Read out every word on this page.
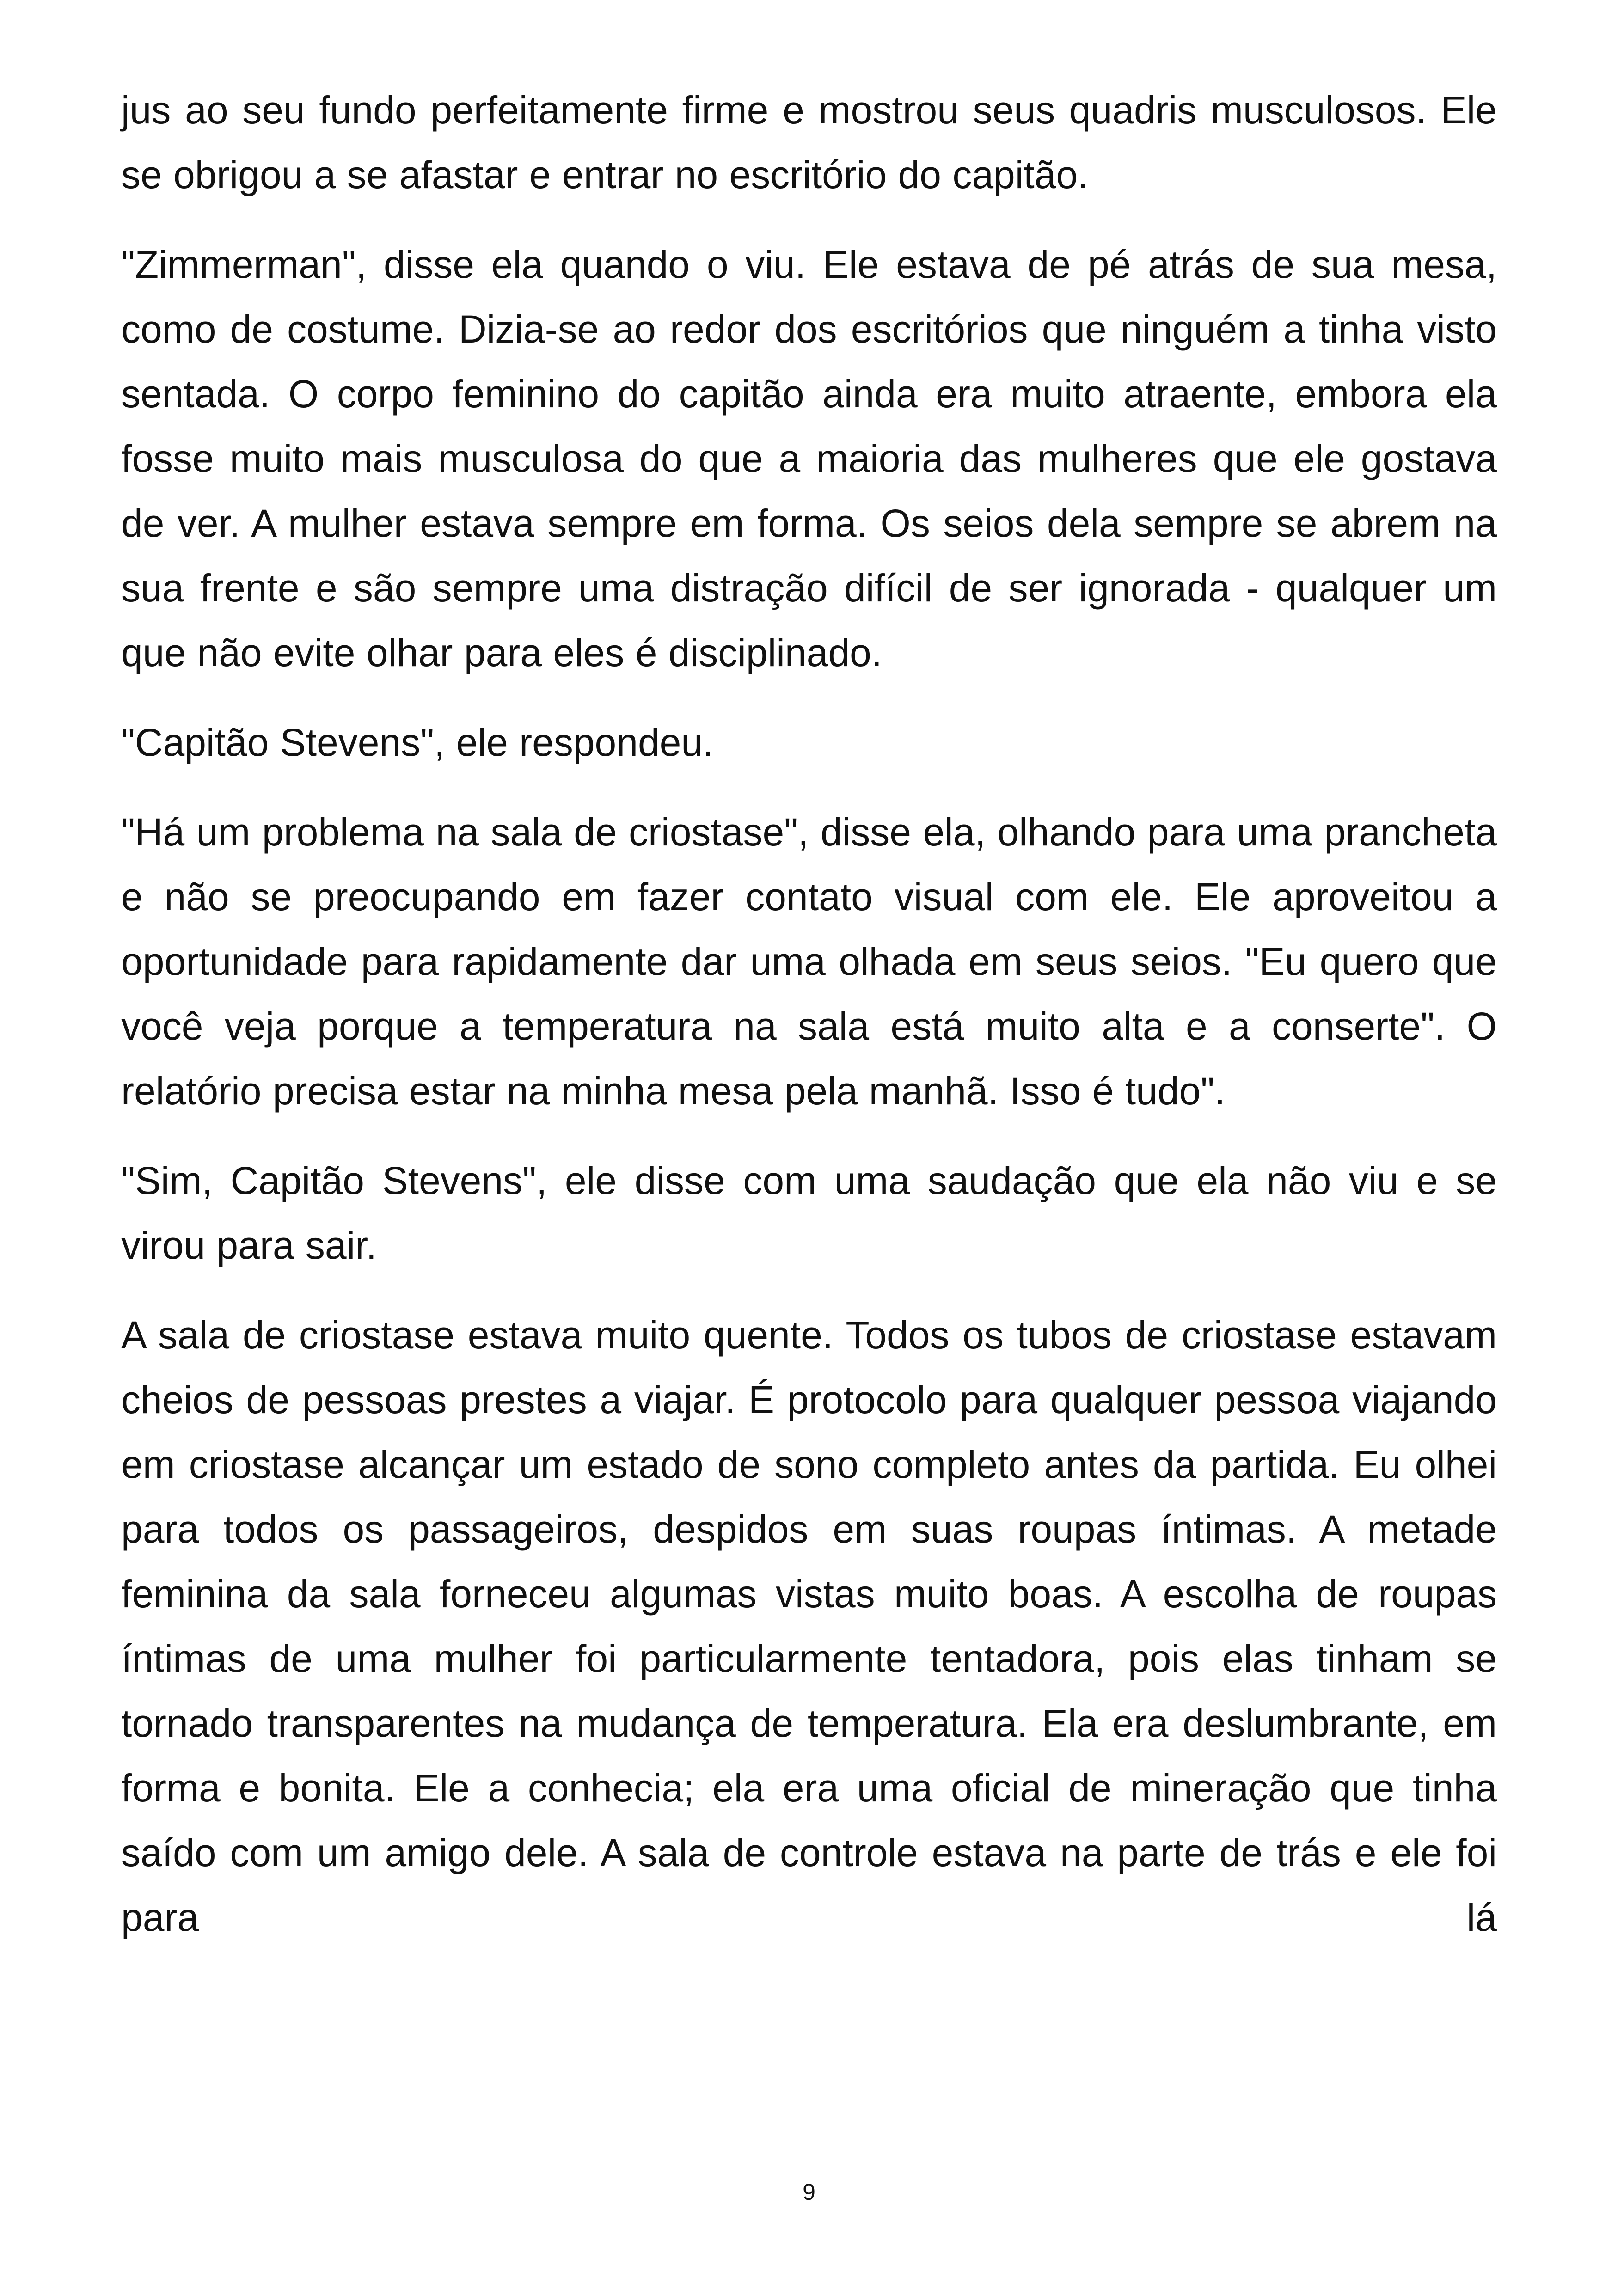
jus ao seu fundo perfeitamente firme e mostrou seus quadris musculosos. Ele se obrigou a se afastar e entrar no escritório do capitão.

"Zimmerman", disse ela quando o viu. Ele estava de pé atrás de sua mesa, como de costume. Dizia-se ao redor dos escritórios que ninguém a tinha visto sentada. O corpo feminino do capitão ainda era muito atraente, embora ela fosse muito mais musculosa do que a maioria das mulheres que ele gostava de ver. A mulher estava sempre em forma. Os seios dela sempre se abrem na sua frente e são sempre uma distração difícil de ser ignorada - qualquer um que não evite olhar para eles é disciplinado.

"Capitão Stevens", ele respondeu.

"Há um problema na sala de criostase", disse ela, olhando para uma prancheta e não se preocupando em fazer contato visual com ele. Ele aproveitou a oportunidade para rapidamente dar uma olhada em seus seios. "Eu quero que você veja porque a temperatura na sala está muito alta e a conserte". O relatório precisa estar na minha mesa pela manhã. Isso é tudo".

"Sim, Capitão Stevens", ele disse com uma saudação que ela não viu e se virou para sair.

A sala de criostase estava muito quente. Todos os tubos de criostase estavam cheios de pessoas prestes a viajar. É protocolo para qualquer pessoa viajando em criostase alcançar um estado de sono completo antes da partida. Eu olhei para todos os passageiros, despidos em suas roupas íntimas. A metade feminina da sala forneceu algumas vistas muito boas. A escolha de roupas íntimas de uma mulher foi particularmente tentadora, pois elas tinham se tornado transparentes na mudança de temperatura. Ela era deslumbrante, em forma e bonita. Ele a conhecia; ela era uma oficial de mineração que tinha saído com um amigo dele. A sala de controle estava na parte de trás e ele foi para lá

9
